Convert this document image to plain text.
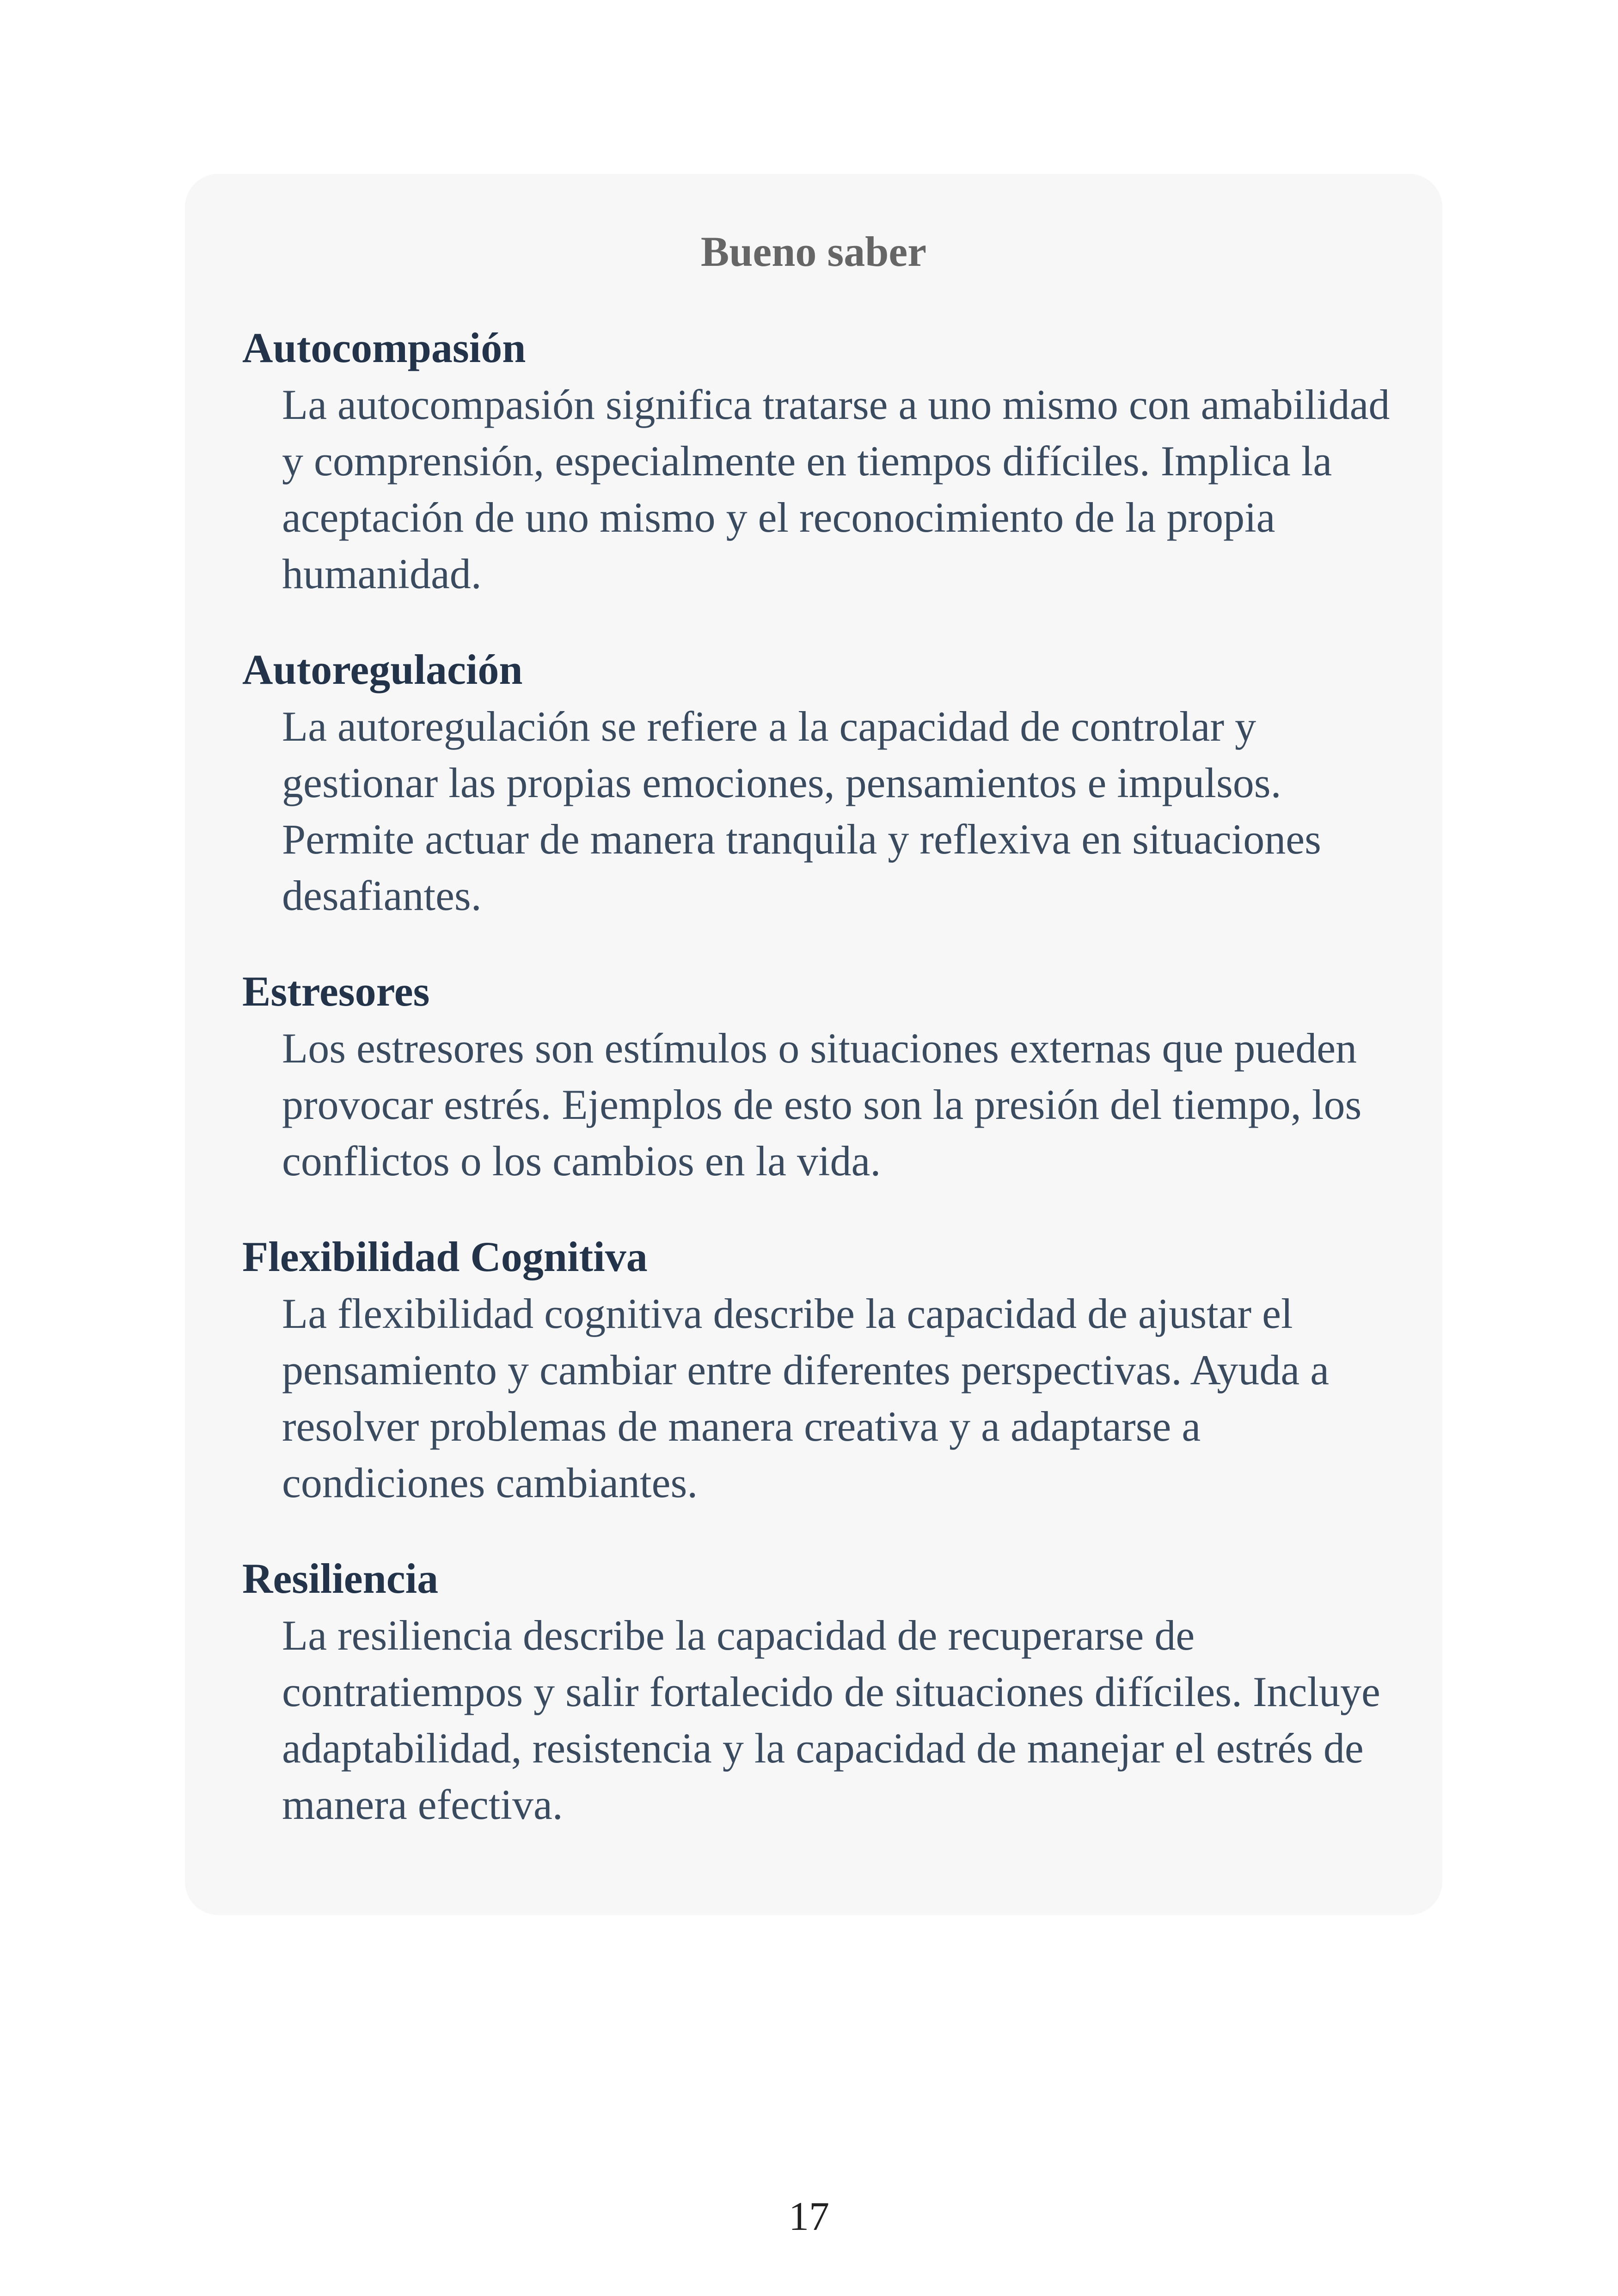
Bueno saber

Autocompasión

La autocompasión significa tratarse a uno mismo con amabilidad y comprensión, especialmente en tiempos difíciles. Implica la aceptación de uno mismo y el reconocimiento de la propia humanidad.

Autoregulación

La autoregulación se refiere a la capacidad de controlar y gestionar las propias emociones, pensamientos e impulsos. Permite actuar de manera tranquila y reflexiva en situaciones desafiantes.

Estresores

Los estresores son estímulos o situaciones externas que pueden provocar estrés. Ejemplos de esto son la presión del tiempo, los conflictos o los cambios en la vida.

Flexibilidad Cognitiva

La flexibilidad cognitiva describe la capacidad de ajustar el pensamiento y cambiar entre diferentes perspectivas. Ayuda a resolver problemas de manera creativa y a adaptarse a condiciones cambiantes.

Resiliencia

La resiliencia describe la capacidad de recuperarse de contratiempos y salir fortalecido de situaciones difíciles. Incluye adaptabilidad, resistencia y la capacidad de manejar el estrés de manera efectiva.
17
